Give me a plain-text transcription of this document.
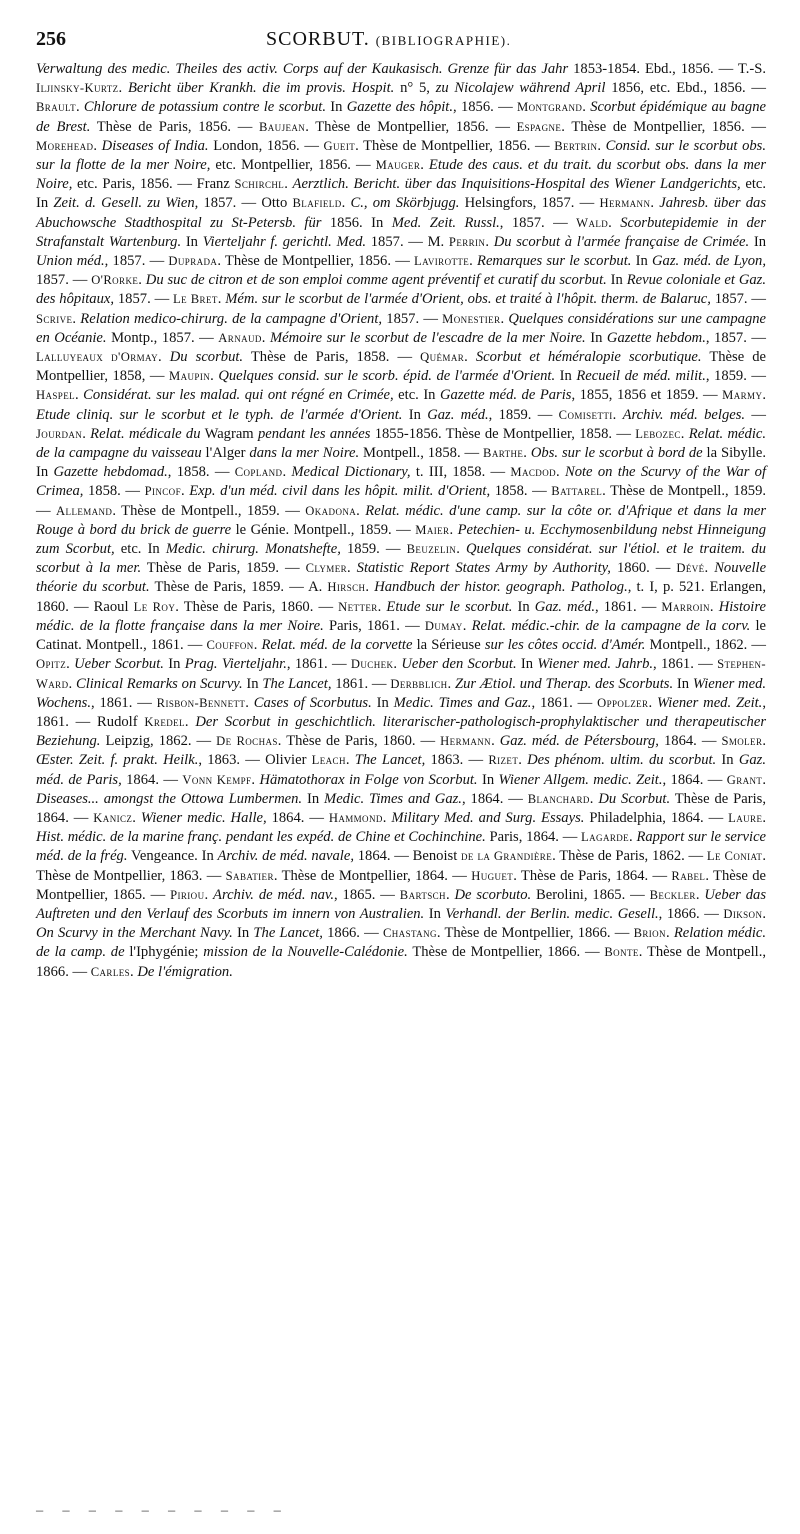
256	SCORBUT. (BIBLIOGRAPHIE).

Verwaltung des medic. Theiles des activ. Corps auf der Kaukasisch. Grenze für das Jahr 1853-1854. Ebd., 1856. — T.-S. Iljinsky-Kurtz. Bericht über Krankh. die im provis. Hospit. n° 5, zu Nicolajew während April 1856, etc. Ebd., 1856. — Brault. Chlorure de potassium contre le scorbut. In Gazette des hôpit., 1856. — Montgrand. Scorbut épidémique au bagne de Brest. Thèse de Paris, 1856. — Baujean. Thèse de Montpellier, 1856. — Espagne. Thèse de Montpellier, 1856. — Morehead. Diseases of India. London, 1856. — Gueit. Thèse de Montpellier, 1856. — Bertrin. Consid. sur le scorbut obs. sur la flotte de la mer Noire, etc. Montpellier, 1856. — Mauger. Etude des caus. et du trait. du scorbut obs. dans la mer Noire, etc. Paris, 1856. — Franz Schirchl. Aerztlich. Bericht. über das Inquisitions-Hospital des Wiener Landgerichts, etc. In Zeit. d. Gesell. zu Wien, 1857. — Otto Blafield. C., om Skörbjugg. Helsingfors, 1857. — Hermann. Jahresb. über das Abuchowsche Stadthospital zu St-Petersb. für 1856. In Med. Zeit. Russl., 1857. — Wald. Scorbutepidemie in der Strafanstalt Wartenburg. In Vierteljahr f. gerichtl. Med. 1857. — M. Perrin. Du scorbut à l'armée française de Crimée. In Union méd., 1857. — Duprada. Thèse de Montpellier, 1856. — Lavirotte. Remarques sur le scorbut. In Gaz. méd. de Lyon, 1857. — O'Rorke. Du suc de citron et de son emploi comme agent préventif et curatif du scorbut. In Revue coloniale et Gaz. des hôpitaux, 1857. — Le Bret. Mém. sur le scorbut de l'armée d'Orient, obs. et traité à l'hôpit. therm. de Balaruc, 1857. — Scrive. Relation medico-chirurg. de la campagne d'Orient, 1857. — Monestier. Quelques considérations sur une campagne en Océanie. Montp., 1857. — Arnaud. Mémoire sur le scorbut de l'escadre de la mer Noire. In Gazette hebdom., 1857. — Lalluyeaux d'Ormay. Du scorbut. Thèse de Paris, 1858. — Quémar. Scorbut et héméralopie scorbutique. Thèse de Montpellier, 1858, — Maupin. Quelques consid. sur le scorb. épid. de l'armée d'Orient. In Recueil de méd. milit., 1859. — Haspel. Considérat. sur les malad. qui ont régné en Crimée, etc. In Gazette méd. de Paris, 1855, 1856 et 1859. — Marmy. Etude cliniq. sur le scorbut et le typh. de l'armée d'Orient. In Gaz. méd., 1859. — Comisetti. Archiv. méd. belges. — Jourdan. Relat. médicale du Wagram pendant les années 1855-1856. Thèse de Montpellier, 1858. — Lebozec. Relat. médic. de la campagne du vaisseau l'Alger dans la mer Noire. Montpell., 1858. — Barthe. Obs. sur le scorbut à bord de la Sibylle. In Gazette hebdomad., 1858. — Copland. Medical Dictionary, t. III, 1858. — Macdod. Note on the Scurvy of the War of Crimea, 1858. — Pincof. Exp. d'un méd. civil dans les hôpit. milit. d'Orient, 1858. — Battarel. Thèse de Montpell., 1859. — Allemand. Thèse de Montpell., 1859. — Okadona. Relat. médic. d'une camp. sur la côte or. d'Afrique et dans la mer Rouge à bord du brick de guerre le Génie. Montpell., 1859. — Maier. Petechien- u. Ecchymosenbildung nebst Hinneigung zum Scorbut, etc. In Medic. chirurg. Monatshefte, 1859. — Beuzelin. Quelques considérat. sur l'étiol. et le traitem. du scorbut à la mer. Thèse de Paris, 1859. — Clymer. Statistic Report States Army by Authority, 1860. — Dévé. Nouvelle théorie du scorbut. Thèse de Paris, 1859. — A. Hirsch. Handbuch der histor. geograph. Patholog., t. I, p. 521. Erlangen, 1860. — Raoul Le Roy. Thèse de Paris, 1860. — Netter. Etude sur le scorbut. In Gaz. méd., 1861. — Marroin. Histoire médic. de la flotte française dans la mer Noire. Paris, 1861. — Dumay. Relat. médic.-chir. de la campagne de la corv. le Catinat. Montpell., 1861. — Couffon. Relat. méd. de la corvette la Sérieuse sur les côtes occid. d'Amér. Montpell., 1862. — Opitz. Ueber Scorbut. In Prag. Vierteljahr., 1861. — Duchek. Ueber den Scorbut. In Wiener med. Jahrb., 1861. — Stephen-Ward. Clinical Remarks on Scurvy. In The Lancet, 1861. — Derbblich. Zur Ætiol. und Therap. des Scorbuts. In Wiener med. Wochens., 1861. — Risbon-Bennett. Cases of Scorbutus. In Medic. Times and Gaz., 1861. — Oppolzer. Wiener med. Zeit., 1861. — Rudolf Kredel. Der Scorbut in geschichtlich. literarischer-pathologisch-prophylaktischer und therapeutischer Beziehung. Leipzig, 1862. — De Rochas. Thèse de Paris, 1860. — Hermann. Gaz. méd. de Pétersbourg, 1864. — Smoler. Œster. Zeit. f. prakt. Heilk., 1863. — Olivier Leach. The Lancet, 1863. — Rizet. Des phénom. ultim. du scorbut. In Gaz. méd. de Paris, 1864. — Vonn Kempf. Hämatothorax in Folge von Scorbut. In Wiener Allgem. medic. Zeit., 1864. — Grant. Diseases... amongst the Ottowa Lumbermen. In Medic. Times and Gaz., 1864. — Blanchard. Du Scorbut. Thèse de Paris, 1864. — Kanicz. Wiener medic. Halle, 1864. — Hammond. Military Med. and Surg. Essays. Philadelphia, 1864. — Laure. Hist. médic. de la marine franç. pendant les expéd. de Chine et Cochinchine. Paris, 1864. — Lagarde. Rapport sur le service méd. de la frég. Vengeance. In Archiv. de méd. navale, 1864. — Benoist de la Grandière. Thèse de Paris, 1862. — Le Coniat. Thèse de Montpellier, 1863. — Sabatier. Thèse de Montpellier, 1864. — Huguet. Thèse de Paris, 1864. — Rabel. Thèse de Montpellier, 1865. — Piriou. Archiv. de méd. nav., 1865. — Bartsch. De scorbuto. Berolini, 1865. — Beckler. Ueber das Auftreten und den Verlauf des Scorbuts im innern von Australien. In Verhandl. der Berlin. medic. Gesell., 1866. — Dikson. On Scurvy in the Merchant Navy. In The Lancet, 1866. — Chastang. Thèse de Montpellier, 1866. — Brion. Relation médic. de la camp. de l'Iphygénie; mission de la Nouvelle-Calédonie. Thèse de Montpellier, 1866. — Bonte. Thèse de Montpell., 1866. — Carles. De l'émigration.

— — — — — — — — — —
